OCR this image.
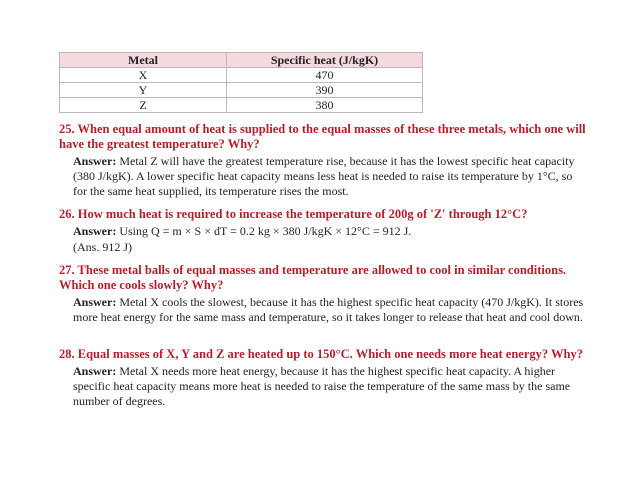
Metal	Specific heat (J/kgK)
X	470
Y	390
Z	380

25. When equal amount of heat is supplied to the equal masses of these three metals, which one will have the greatest temperature? Why?

Answer: Metal Z will have the greatest temperature rise, because it has the lowest specific heat capacity (380 J/kgK). A lower specific heat capacity means less heat is needed to raise its temperature by 1°C, so for the same heat supplied, its temperature rises the most.

26. How much heat is required to increase the temperature of 200g of 'Z' through 12°C?

Answer: Using Q = m × S × dT = 0.2 kg × 380 J/kgK × 12°C = 912 J.

(Ans. 912 J)

27. These metal balls of equal masses and temperature are allowed to cool in similar conditions. Which one cools slowly? Why?

Answer: Metal X cools the slowest, because it has the highest specific heat capacity (470 J/kgK). It stores more heat energy for the same mass and temperature, so it takes longer to release that heat and cool down.

28. Equal masses of X, Y and Z are heated up to 150°C. Which one needs more heat energy? Why?

Answer: Metal X needs more heat energy, because it has the highest specific heat capacity. A higher specific heat capacity means more heat is needed to raise the temperature of the same mass by the same number of degrees.
